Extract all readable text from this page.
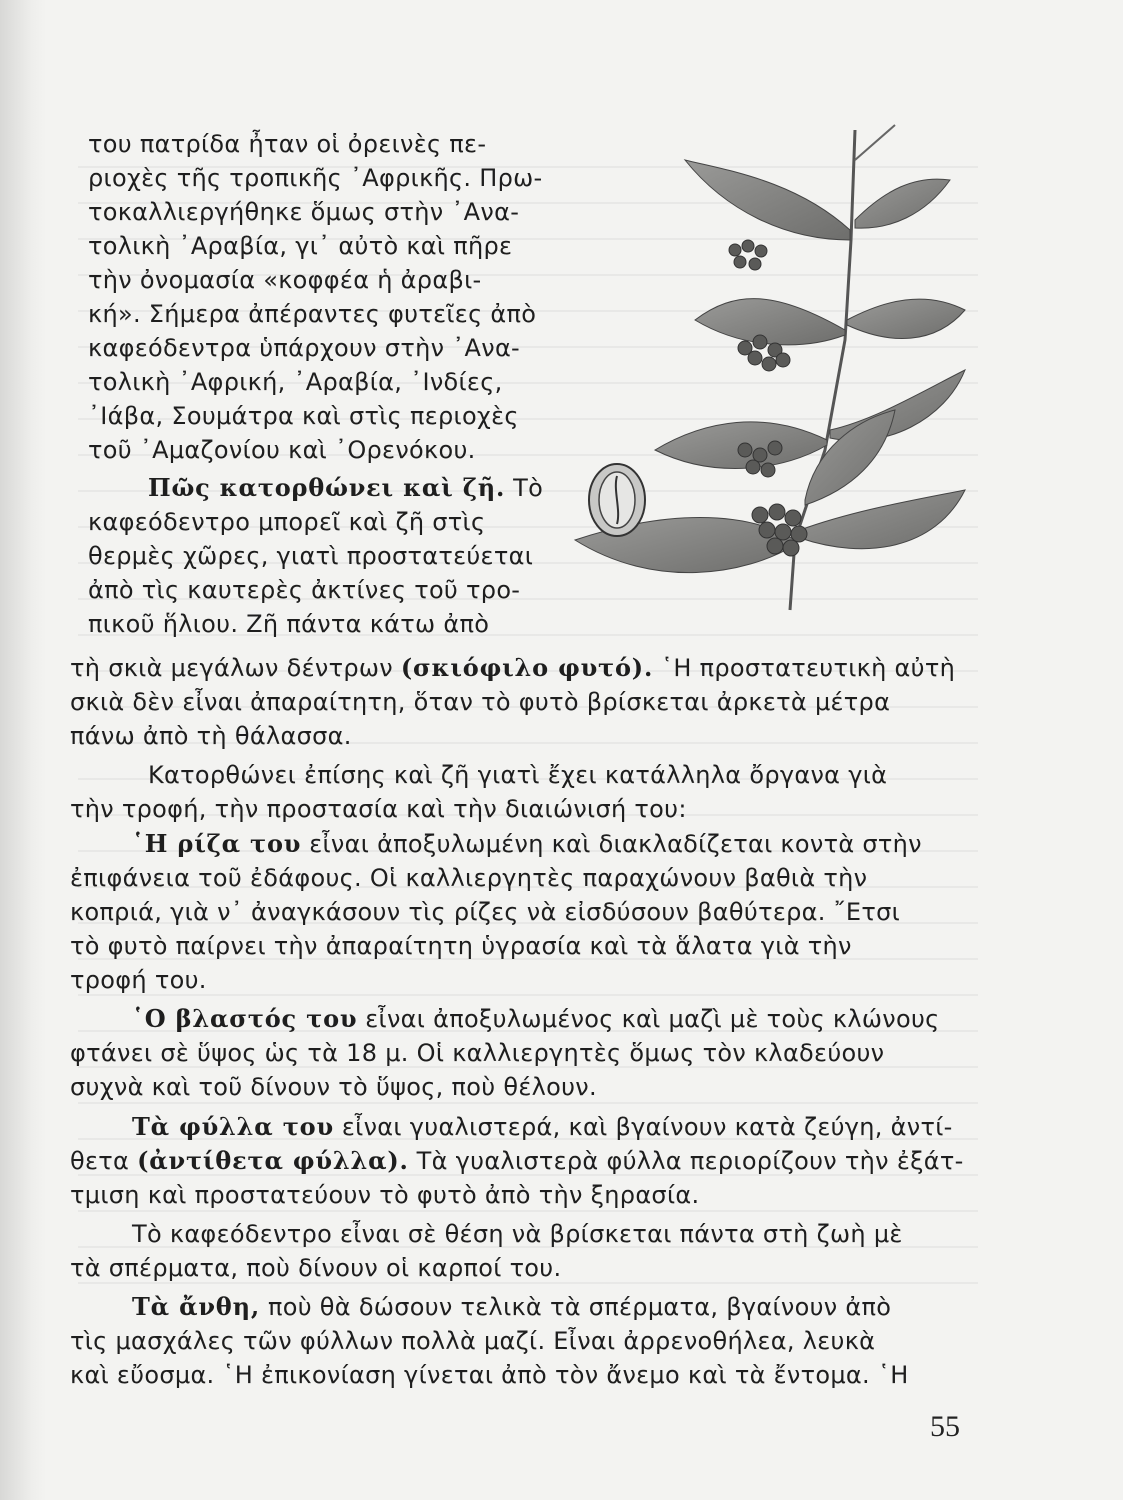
του πατρίδα ἦταν οἱ ὀρεινὲς πε-
ριοχὲς τῆς τροπικῆς ᾿Αφρικῆς. Πρω-
τοκαλλιεργήθηκε ὅμως στὴν ᾿Ανα-
τολικὴ ᾿Αραβία, γι᾿ αὐτὸ καὶ πῆρε
τὴν ὀνομασία «κοφφέα ἡ ἀραβι-
κή». Σήμερα ἀπέραντες φυτεῖες ἀπὸ
καφεόδεντρα ὑπάρχουν στὴν ᾿Ανα-
τολικὴ ᾿Αφρική, ᾿Αραβία, ᾿Ινδίες,
᾿Ιάβα, Σουμάτρα καὶ στὶς περιοχὲς
τοῦ ᾿Αμαζονίου καὶ ᾿Ορενόκου.
Πῶς κατορθώνει καὶ ζῆ. Τὸ
καφεόδεντρο μπορεῖ καὶ ζῆ στὶς
θερμὲς χῶρες, γιατὶ προστατεύεται
ἀπὸ τὶς καυτερὲς ἀκτίνες τοῦ τρο-
πικοῦ ἥλιου. Ζῆ πάντα κάτω ἀπὸ
τὴ σκιὰ μεγάλων δέντρων (σκιόφιλο φυτό). ῾Η προστατευτικὴ αὐτὴ
σκιὰ δὲν εἶναι ἀπαραίτητη, ὅταν τὸ φυτὸ βρίσκεται ἀρκετὰ μέτρα
πάνω ἀπὸ τὴ θάλασσα.
Κατορθώνει ἐπίσης καὶ ζῆ γιατὶ ἔχει κατάλληλα ὄργανα γιὰ
τὴν τροφή, τὴν προστασία καὶ τὴν διαιώνισή του:
῾Η ρίζα του εἶναι ἀποξυλωμένη καὶ διακλαδίζεται κοντὰ στὴν
ἐπιφάνεια τοῦ ἐδάφους. Οἱ καλλιεργητὲς παραχώνουν βαθιὰ τὴν
κοπριά, γιὰ ν᾿ ἀναγκάσουν τὶς ρίζες νὰ εἰσδύσουν βαθύτερα. ῎Ετσι
τὸ φυτὸ παίρνει τὴν ἀπαραίτητη ὑγρασία καὶ τὰ ἅλατα γιὰ τὴν
τροφή του.
῾Ο βλαστός του εἶναι ἀποξυλωμένος καὶ μαζὶ μὲ τοὺς κλώνους
φτάνει σὲ ὕψος ὡς τὰ 18 μ. Οἱ καλλιεργητὲς ὅμως τὸν κλαδεύουν
συχνὰ καὶ τοῦ δίνουν τὸ ὕψος, ποὺ θέλουν.
Τὰ φύλλα του εἶναι γυαλιστερά, καὶ βγαίνουν κατὰ ζεύγη, ἀντί-
θετα (ἀντίθετα φύλλα). Τὰ γυαλιστερὰ φύλλα περιορίζουν τὴν ἐξάτ-
τμιση καὶ προστατεύουν τὸ φυτὸ ἀπὸ τὴν ξηρασία.
Τὸ καφεόδεντρο εἶναι σὲ θέση νὰ βρίσκεται πάντα στὴ ζωὴ μὲ
τὰ σπέρματα, ποὺ δίνουν οἱ καρποί του.
Τὰ ἄνθη, ποὺ θὰ δώσουν τελικὰ τὰ σπέρματα, βγαίνουν ἀπὸ
τὶς μασχάλες τῶν φύλλων πολλὰ μαζί. Εἶναι ἀρρενοθήλεα, λευκὰ
καὶ εὔοσμα. ῾Η ἐπικονίαση γίνεται ἀπὸ τὸν ἄνεμο καὶ τὰ ἔντομα. ῾Η
55
